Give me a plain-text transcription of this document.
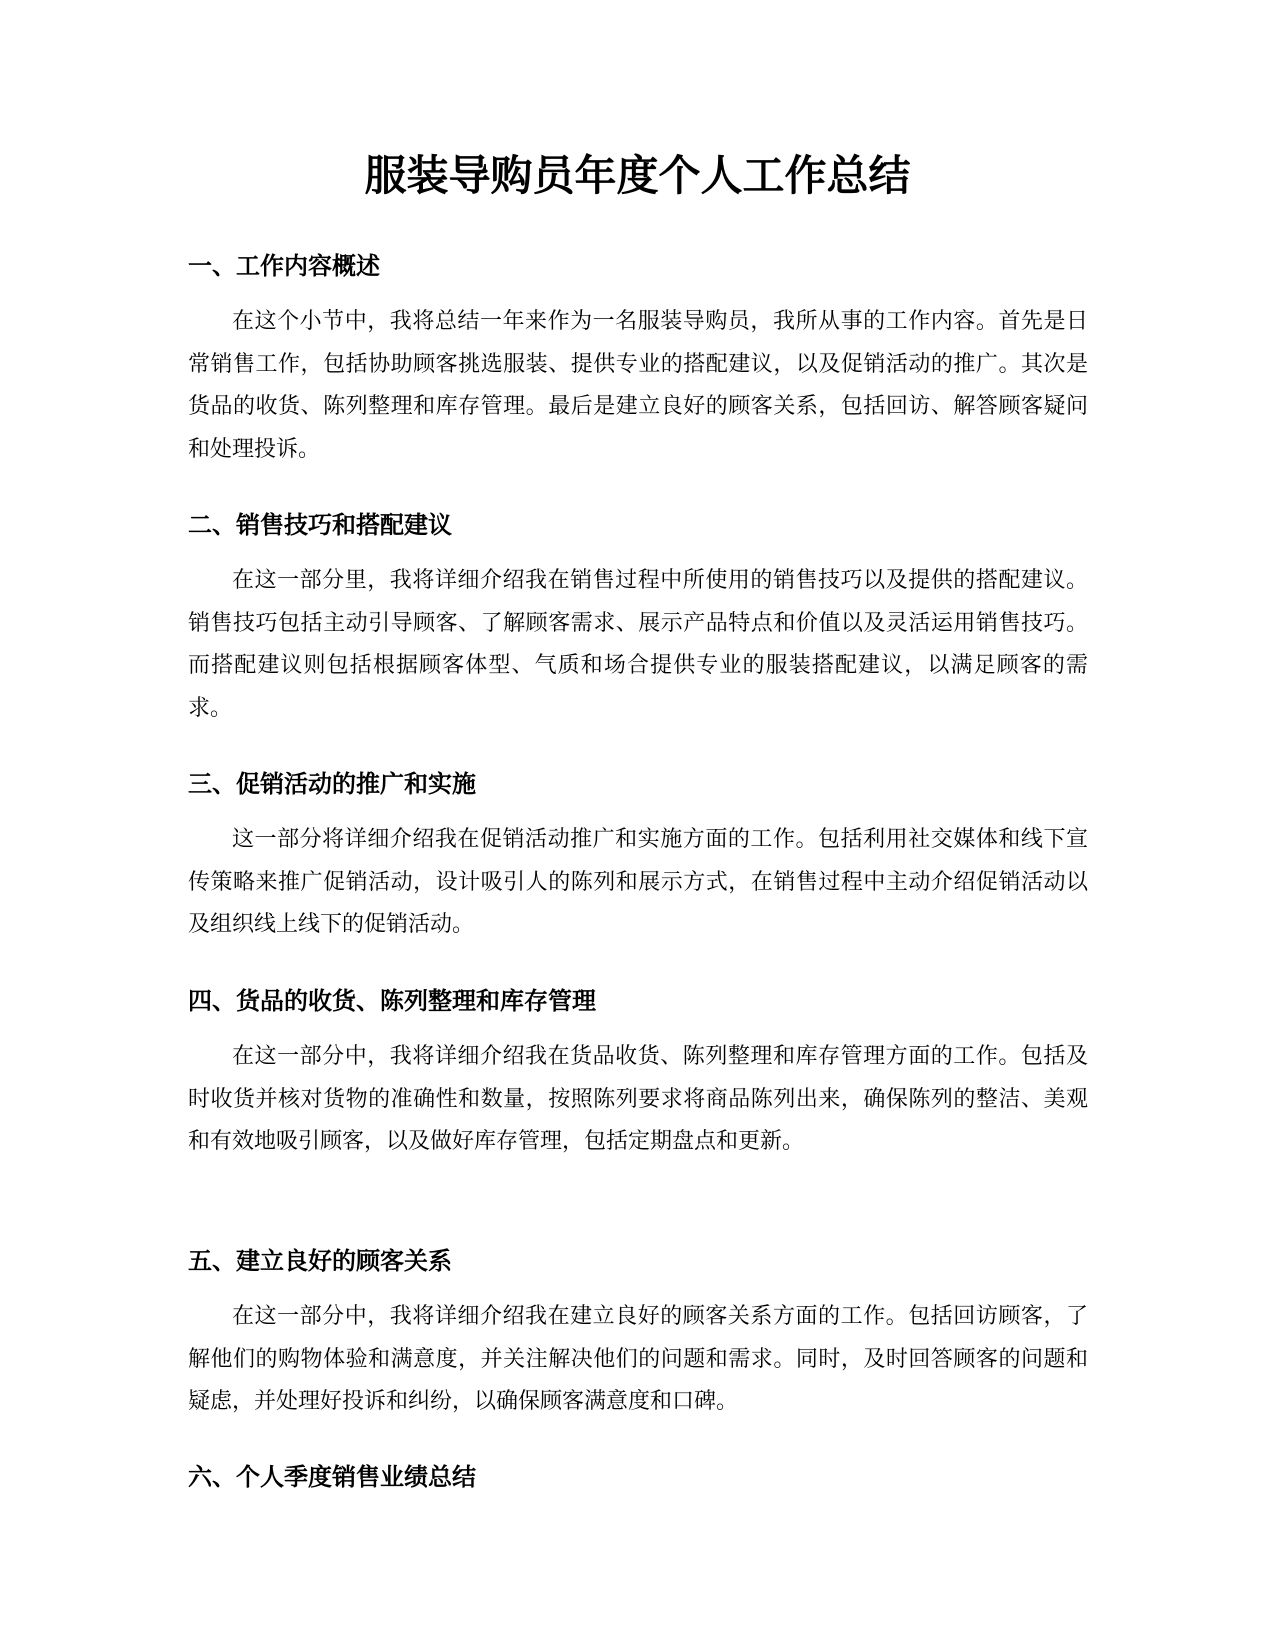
服装导购员年度个人工作总结
一、工作内容概述

在这个小节中，我将总结一年来作为一名服装导购员，我所从事的工作内容。首先是日常销售工作，包括协助顾客挑选服装、提供专业的搭配建议，以及促销活动的推广。其次是货品的收货、陈列整理和库存管理。最后是建立良好的顾客关系，包括回访、解答顾客疑问和处理投诉。

二、销售技巧和搭配建议

在这一部分里，我将详细介绍我在销售过程中所使用的销售技巧以及提供的搭配建议。销售技巧包括主动引导顾客、了解顾客需求、展示产品特点和价值以及灵活运用销售技巧。而搭配建议则包括根据顾客体型、气质和场合提供专业的服装搭配建议，以满足顾客的需求。

三、促销活动的推广和实施

这一部分将详细介绍我在促销活动推广和实施方面的工作。包括利用社交媒体和线下宣传策略来推广促销活动，设计吸引人的陈列和展示方式，在销售过程中主动介绍促销活动以及组织线上线下的促销活动。

四、货品的收货、陈列整理和库存管理

在这一部分中，我将详细介绍我在货品收货、陈列整理和库存管理方面的工作。包括及时收货并核对货物的准确性和数量，按照陈列要求将商品陈列出来，确保陈列的整洁、美观和有效地吸引顾客，以及做好库存管理，包括定期盘点和更新。

五、建立良好的顾客关系

在这一部分中，我将详细介绍我在建立良好的顾客关系方面的工作。包括回访顾客，了解他们的购物体验和满意度，并关注解决他们的问题和需求。同时，及时回答顾客的问题和疑虑，并处理好投诉和纠纷，以确保顾客满意度和口碑。

六、个人季度销售业绩总结
